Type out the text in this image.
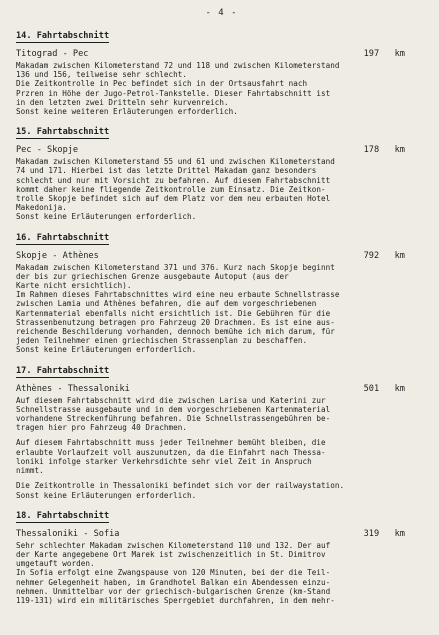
- 4 -
14. Fahrtabschnitt
Titograd - Pec	197   km

Makadam zwischen Kilometerstand 72 und 118 und zwischen Kilometerstand
136 und 156, teilweise sehr schlecht.
Die Zeitkontrolle in Pec befindet sich in der Ortsausfahrt nach
Przren in Höhe der Jugo-Petrol-Tankstelle. Dieser Fahrtabschnitt ist
in den letzten zwei Dritteln sehr kurvenreich.
Sonst keine weiteren Erläuterungen erforderlich.

15. Fahrtabschnitt
Pec - Skopje	178   km

Makadam zwischen Kilometerstand 55 und 61 und zwischen Kilometerstand
74 und 171. Hierbei ist das letzte Drittel Makadam ganz besonders
schlecht und nur mit Vorsicht zu befahren. Auf diesem Fahrtabschnitt
kommt daher keine fliegende Zeitkontrolle zum Einsatz. Die Zeitkon-
trolle Skopje befindet sich auf dem Platz vor dem neu erbauten Hotel
Makedonija.
Sonst keine Erläuterungen erforderlich.

16. Fahrtabschnitt
Skopje - Athènes	792   km

Makadam zwischen Kilometerstand 371 und 376. Kurz nach Skopje beginnt
der bis zur griechischen Grenze ausgebaute Autoput (aus der
Karte nicht ersichtlich).
Im Rahmen dieses Fahrtabschnittes wird eine neu erbaute Schnellstrasse
zwischen Lamia und Athènes befahren, die auf dem vorgeschriebenen
Kartenmaterial ebenfalls nicht ersichtlich ist. Die Gebühren für die
Strassenbenutzung betragen pro Fahrzeug 20 Drachmen. Es ist eine aus-
reichende Beschilderung vorhanden, dennoch bemühe ich mich darum, für
jeden Teilnehmer einen griechischen Strassenplan zu beschaffen.
Sonst keine Erläuterungen erforderlich.

17. Fahrtabschnitt
Athènes - Thessaloniki	501   km

Auf diesem Fahrtabschnitt wird die zwischen Larisa und Katerini zur
Schnellstrasse ausgebaute und in dem vorgeschriebenen Kartenmaterial
vorhandene Streckenführung befahren. Die Schnellstrassengebühren be-
tragen hier pro Fahrzeug 40 Drachmen.

Auf diesem Fahrtabschnitt muss jeder Teilnehmer bemüht bleiben, die
erlaubte Vorlaufzeit voll auszunutzen, da die Einfahrt nach Thessa-
loniki infolge starker Verkehrsdichte sehr viel Zeit in Anspruch
nimmt.

Die Zeitkontrolle in Thessaloniki befindet sich vor der railwaystation.
Sonst keine Erläuterungen erforderlich.

18. Fahrtabschnitt
Thessaloniki - Sofia	319   km

Sehr schlechter Makadam zwischen Kilometerstand 110 und 132. Der auf
der Karte angegebene Ort Marek ist zwischenzeitlich in St. Dimitrov
umgetauft worden.
In Sofia erfolgt eine Zwangspause von 120 Minuten, bei der die Teil-
nehmer Gelegenheit haben, im Grandhotel Balkan ein Abendessen einzu-
nehmen. Unmittelbar vor der griechisch-bulgarischen Grenze (km-Stand
119-131) wird ein militärisches Sperrgebiet durchfahren, in dem mehr-
